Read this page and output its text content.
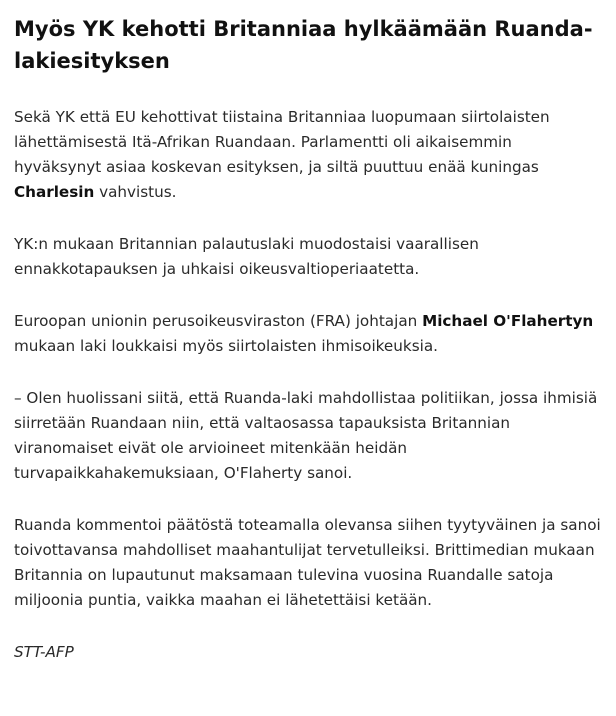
Myös YK kehotti Britanniaa hylkäämään Ruanda-lakiesityksen

Sekä YK että EU kehottivat tiistaina Britanniaa luopumaan siirtolaisten lähettämisestä Itä-Afrikan Ruandaan. Parlamentti oli aikaisemmin hyväksynyt asiaa koskevan esityksen, ja siltä puuttuu enää kuningas Charlesin vahvistus.

YK:n mukaan Britannian palautuslaki muodostaisi vaarallisen ennakkotapauksen ja uhkaisi oikeusvaltioperiaatetta.

Euroopan unionin perusoikeusviraston (FRA) johtajan Michael O'Flahertyn mukaan laki loukkaisi myös siirtolaisten ihmisoikeuksia.

– Olen huolissani siitä, että Ruanda-laki mahdollistaa politiikan, jossa ihmisiä siirretään Ruandaan niin, että valtaosassa tapauksista Britannian viranomaiset eivät ole arvioineet mitenkään heidän turvapaikkahakemuksiaan, O'Flaherty sanoi.

Ruanda kommentoi päätöstä toteamalla olevansa siihen tyytyväinen ja sanoi toivottavansa mahdolliset maahantulijat tervetulleiksi. Brittimedian mukaan Britannia on lupautunut maksamaan tulevina vuosina Ruandalle satoja miljoonia puntia, vaikka maahan ei lähetettäisi ketään.

STT-AFP
